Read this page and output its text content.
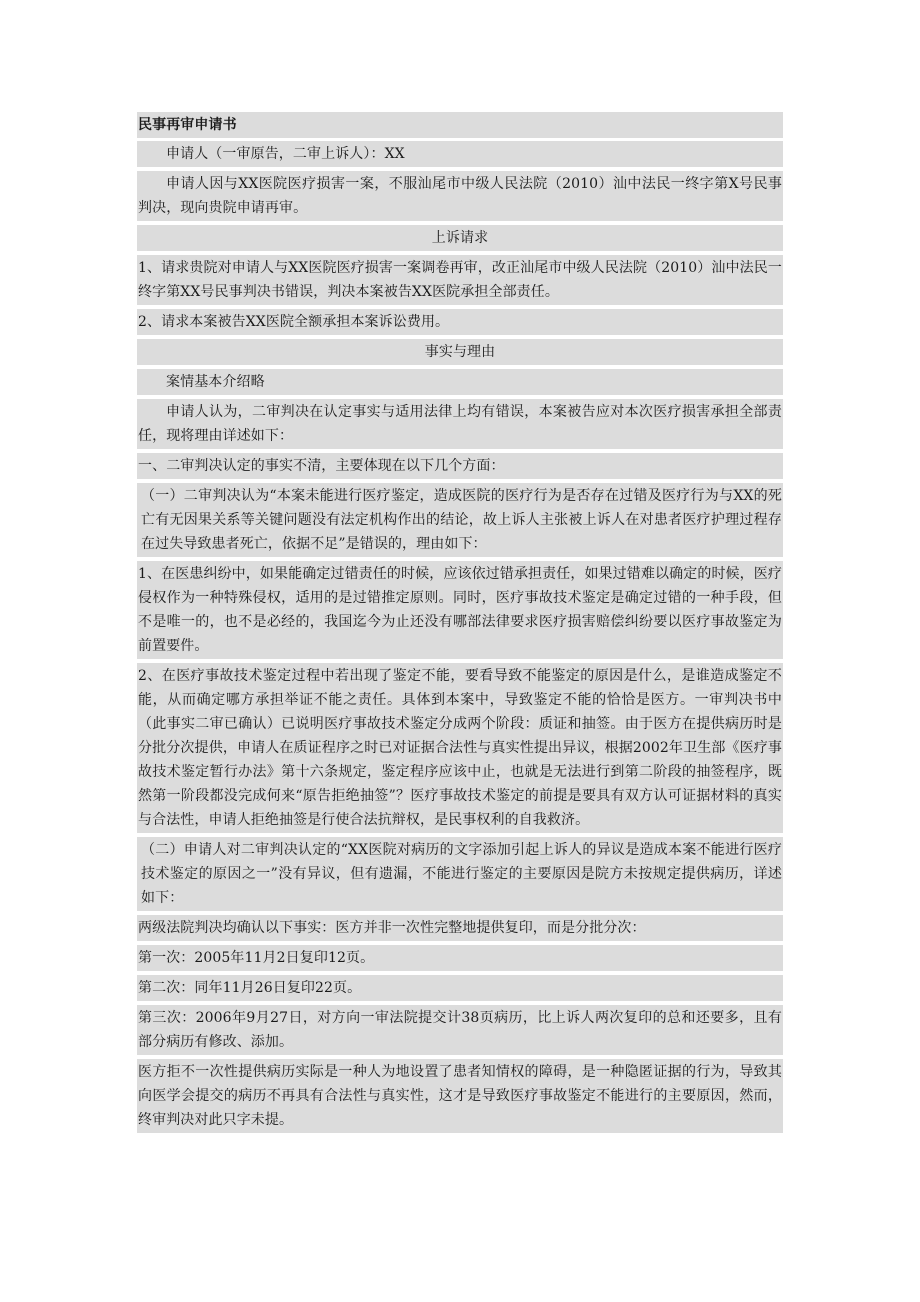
民事再审申请书

申请人（一审原告，二审上诉人）：XX

申请人因与XX医院医疗损害一案，不服汕尾市中级人民法院（2010）汕中法民一终字第X号民事判决，现向贵院申请再审。

上诉请求

1、请求贵院对申请人与XX医院医疗损害一案调卷再审，改正汕尾市中级人民法院（2010）汕中法民一终字第XX号民事判决书错误，判决本案被告XX医院承担全部责任。

2、请求本案被告XX医院全额承担本案诉讼费用。

事实与理由

案情基本介绍略

申请人认为，二审判决在认定事实与适用法律上均有错误，本案被告应对本次医疗损害承担全部责任，现将理由详述如下：

一、二审判决认定的事实不清，主要体现在以下几个方面：

（一）二审判决认为“本案未能进行医疗鉴定，造成医院的医疗行为是否存在过错及医疗行为与XX的死亡有无因果关系等关键问题没有法定机构作出的结论，故上诉人主张被上诉人在对患者医疗护理过程存在过失导致患者死亡，依据不足”是错误的，理由如下：

1、在医患纠纷中，如果能确定过错责任的时候，应该依过错承担责任，如果过错难以确定的时候，医疗侵权作为一种特殊侵权，适用的是过错推定原则。同时，医疗事故技术鉴定是确定过错的一种手段，但不是唯一的，也不是必经的，我国迄今为止还没有哪部法律要求医疗损害赔偿纠纷要以医疗事故鉴定为前置要件。

2、在医疗事故技术鉴定过程中若出现了鉴定不能，要看导致不能鉴定的原因是什么，是谁造成鉴定不能，从而确定哪方承担举证不能之责任。具体到本案中，导致鉴定不能的恰恰是医方。一审判决书中（此事实二审已确认）已说明医疗事故技术鉴定分成两个阶段：质证和抽签。由于医方在提供病历时是分批分次提供，申请人在质证程序之时已对证据合法性与真实性提出异议，根据2002年卫生部《医疗事故技术鉴定暂行办法》第十六条规定，鉴定程序应该中止，也就是无法进行到第二阶段的抽签程序，既然第一阶段都没完成何来“原告拒绝抽签”？医疗事故技术鉴定的前提是要具有双方认可证据材料的真实与合法性，申请人拒绝抽签是行使合法抗辩权，是民事权利的自我救济。

（二）申请人对二审判决认定的“XX医院对病历的文字添加引起上诉人的异议是造成本案不能进行医疗技术鉴定的原因之一”没有异议，但有遗漏，不能进行鉴定的主要原因是院方未按规定提供病历，详述如下：

两级法院判决均确认以下事实：医方并非一次性完整地提供复印，而是分批分次：

第一次：2005年11月2日复印12页。

第二次：同年11月26日复印22页。

第三次：2006年9月27日，对方向一审法院提交计38页病历，比上诉人两次复印的总和还要多，且有部分病历有修改、添加。

医方拒不一次性提供病历实际是一种人为地设置了患者知情权的障碍，是一种隐匿证据的行为，导致其向医学会提交的病历不再具有合法性与真实性，这才是导致医疗事故鉴定不能进行的主要原因，然而，终审判决对此只字未提。
